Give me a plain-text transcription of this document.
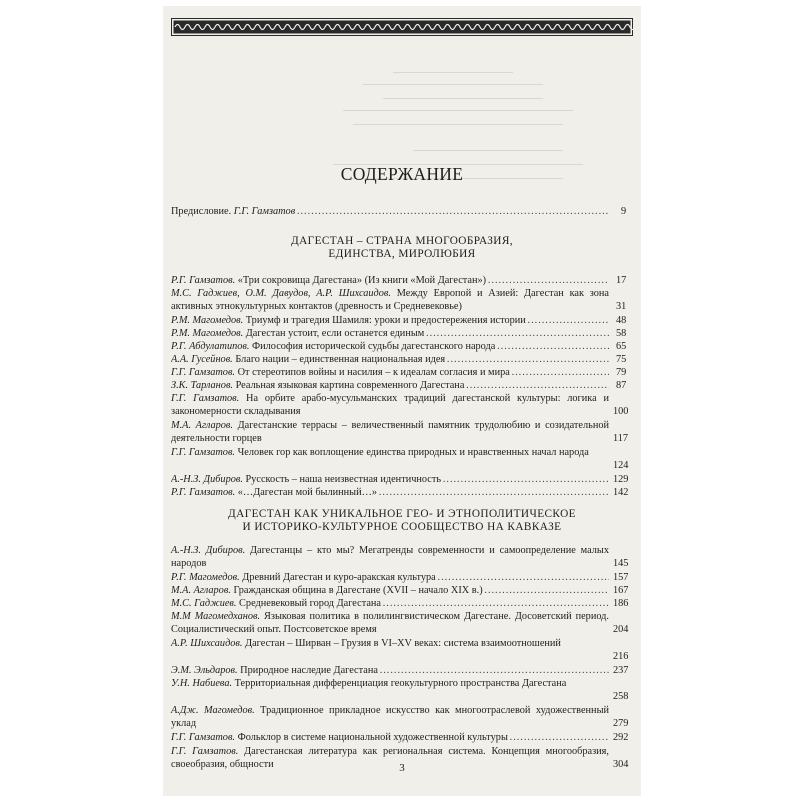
СОДЕРЖАНИЕ
Предисловие. Г.Г. Гамзатов . . .	9
ДАГЕСТАН – СТРАНА МНОГООБРАЗИЯ,
ЕДИНСТВА, МИРОЛЮБИЯ
ДАГЕСТАН КАК УНИКАЛЬНОЕ ГЕО- И ЭТНОПОЛИТИЧЕСКОЕ
И ИСТОРИКО-КУЛЬТУРНОЕ СООБЩЕСТВО НА КАВКАЗЕ
3
Р.Г. Гамзатов. «Три сокровища Дагестана» (Из книги «Мой Дагестан») . . .	17
М.С. Гаджиев, О.М. Давудов, А.Р. Шихсаидов. Между Европой и Азией: Дагестан как зона активных этнокультурных контактов (древность и Средневековье)	31
Р.М. Магомедов. Триумф и трагедия Шамиля: уроки и предостережения истории . . .	48
Р.М. Магомедов. Дагестан устоит, если останется единым . . .	58
Р.Г. Абдулатипов. Философия исторической судьбы дагестанского народа . . .	65
А.А. Гусейнов. Благо нации – единственная национальная идея . . .	75
Г.Г. Гамзатов. От стереотипов войны и насилия – к идеалам согласия и мира . . .	79
З.К. Тарланов. Реальная языковая картина современного Дагестана . . .	87
Г.Г. Гамзатов. На орбите арабо-мусульманских традиций дагестанской культуры: логика и закономерности складывания	100
М.А. Агларов. Дагестанские террасы – величественный памятник трудолюбию и созидательной деятельности горцев	117
Г.Г. Гамзатов. Человек гор как воплощение единства природных и нравственных начал народа
124
А.-Н.З. Дибиров. Русскость – наша неизвестная идентичность . . .	129
Р.Г. Гамзатов. «…Дагестан мой былинный…» . . .	142
А.-Н.З. Дибиров. Дагестанцы – кто мы? Мегатренды современности и самоопределение малых народов	145
Р.Г. Магомедов. Древний Дагестан и куро-аракская культура . . .	157
М.А. Агларов. Гражданская община в Дагестане (XVII – начало XIX в.) . . .	167
М.С. Гаджиев. Средневековый город Дагестана . . .	186
М.М Магомедханов. Языковая политика в полилингвистическом Дагестане. Досоветский период. Социалистический опыт. Постсоветское время	204
А.Р. Шихсаидов. Дагестан – Ширван – Грузия в VI–XV веках: система взаимоотношений
216
Э.М. Эльдаров. Природное наследие Дагестана . . .	237
У.Н. Набиева. Территориальная дифференциация геокультурного пространства Дагестана
258
А.Дж. Магомедов. Традиционное прикладное искусство как многоотраслевой художественный уклад	279
Г.Г. Гамзатов. Фольклор в системе национальной художественной культуры . . .	292
Г.Г. Гамзатов. Дагестанская литература как региональная система. Концепция многообразия, своеобразия, общности	304
